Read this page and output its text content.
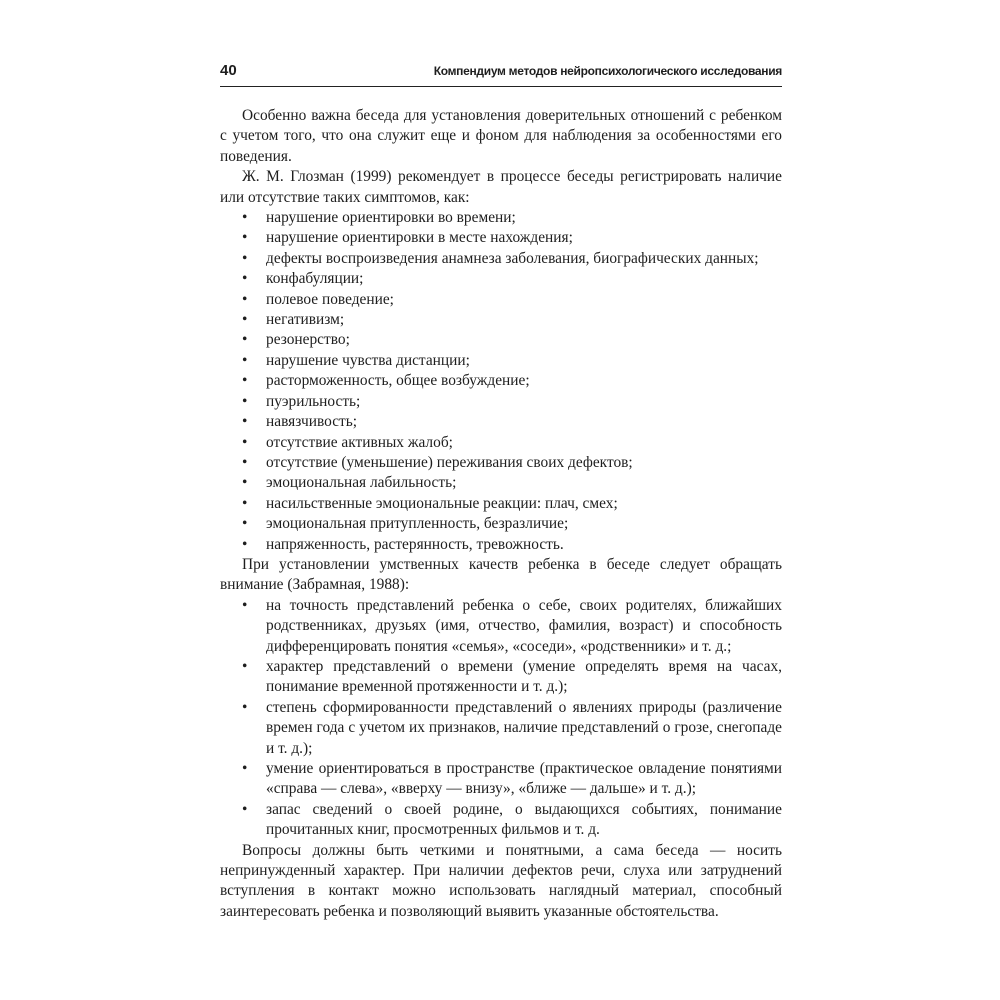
40	Компендиум методов нейропсихологического исследования

Особенно важна беседа для установления доверительных отношений с ребенком с учетом того, что она служит еще и фоном для наблюдения за особенностями его поведения.

Ж. М. Глозман (1999) рекомендует в процессе беседы регистрировать наличие или отсутствие таких симптомов, как:

• нарушение ориентировки во времени;
• нарушение ориентировки в месте нахождения;
• дефекты воспроизведения анамнеза заболевания, биографических данных;
• конфабуляции;
• полевое поведение;
• негативизм;
• резонерство;
• нарушение чувства дистанции;
• расторможенность, общее возбуждение;
• пуэрильность;
• навязчивость;
• отсутствие активных жалоб;
• отсутствие (уменьшение) переживания своих дефектов;
• эмоциональная лабильность;
• насильственные эмоциональные реакции: плач, смех;
• эмоциональная притупленность, безразличие;
• напряженность, растерянность, тревожность.

При установлении умственных качеств ребенка в беседе следует обращать внимание (Забрамная, 1988):

• на точность представлений ребенка о себе, своих родителях, ближайших родственниках, друзьях (имя, отчество, фамилия, возраст) и способность дифференцировать понятия «семья», «соседи», «родственники» и т. д.;
• характер представлений о времени (умение определять время на часах, понимание временной протяженности и т. д.);
• степень сформированности представлений о явлениях природы (различение времен года с учетом их признаков, наличие представлений о грозе, снегопаде и т. д.);
• умение ориентироваться в пространстве (практическое овладение понятиями «справа — слева», «вверху — внизу», «ближе — дальше» и т. д.);
• запас сведений о своей родине, о выдающихся событиях, понимание прочитанных книг, просмотренных фильмов и т. д.

Вопросы должны быть четкими и понятными, а сама беседа — носить непринужденный характер. При наличии дефектов речи, слуха или затруднений вступления в контакт можно использовать наглядный материал, способный заинтересовать ребенка и позволяющий выявить указанные обстоятельства.
